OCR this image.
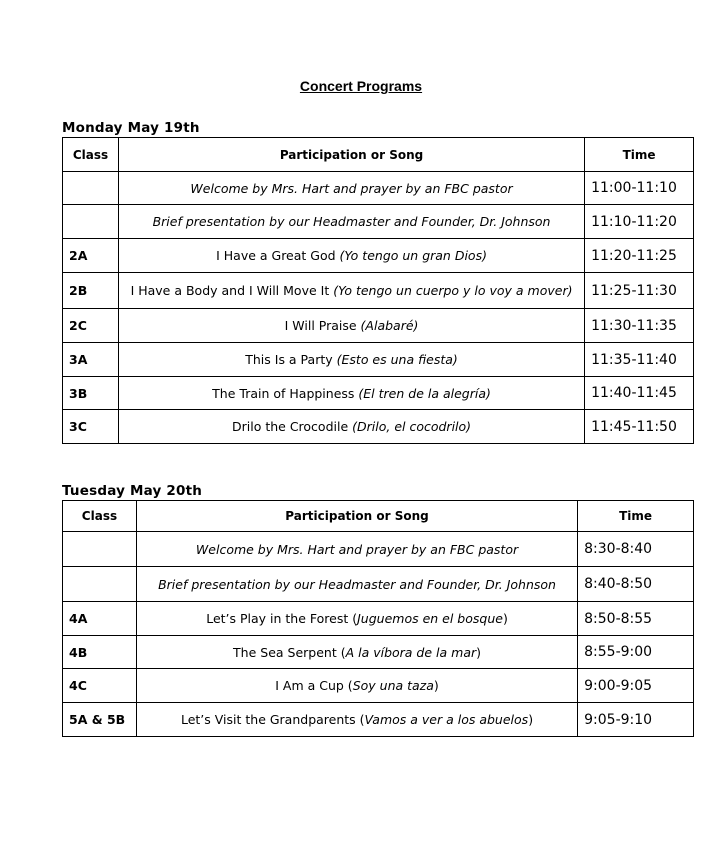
Concert Programs
Monday May 19th
Class	Participation or Song	Time
	Welcome by Mrs. Hart and prayer by an FBC pastor	11:00-11:10
	Brief presentation by our Headmaster and Founder, Dr. Johnson	11:10-11:20
2A	I Have a Great God (Yo tengo un gran Dios)	11:20-11:25
2B	I Have a Body and I Will Move It (Yo tengo un cuerpo y lo voy a mover)	11:25-11:30
2C	I Will Praise (Alabaré)	11:30-11:35
3A	This Is a Party (Esto es una fiesta)	11:35-11:40
3B	The Train of Happiness (El tren de la alegría)	11:40-11:45
3C	Drilo the Crocodile (Drilo, el cocodrilo)	11:45-11:50
Tuesday May 20th
Class	Participation or Song	Time
	Welcome by Mrs. Hart and prayer by an FBC pastor	8:30-8:40
	Brief presentation by our Headmaster and Founder, Dr. Johnson	8:40-8:50
4A	Let’s Play in the Forest (Juguemos en el bosque)	8:50-8:55
4B	The Sea Serpent (A la víbora de la mar)	8:55-9:00
4C	I Am a Cup (Soy una taza)	9:00-9:05
5A & 5B	Let’s Visit the Grandparents (Vamos a ver a los abuelos)	9:05-9:10
